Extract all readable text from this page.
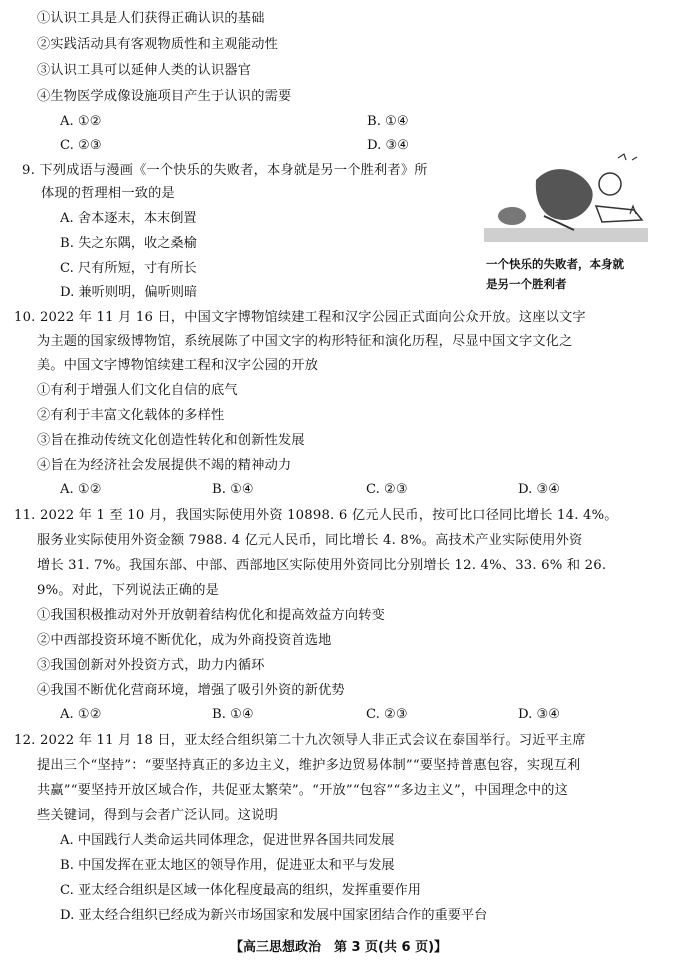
①认识工具是人们获得正确认识的基础
②实践活动具有客观物质性和主观能动性
③认识工具可以延伸人类的认识器官
④生物医学成像设施项目产生于认识的需要
A. ①②	B. ①④
C. ②③	D. ③④
9. 下列成语与漫画《一个快乐的失败者，本身就是另一个胜利者》所
体现的哲理相一致的是
A. 舍本逐末，本末倒置
B. 失之东隅，收之桑榆
C. 尺有所短，寸有所长
D. 兼听则明，偏听则暗
一个快乐的失败者，本身就
是另一个胜利者
10. 2022 年 11 月 16 日，中国文字博物馆续建工程和汉字公园正式面向公众开放。这座以文字
为主题的国家级博物馆，系统展陈了中国文字的构形特征和演化历程，尽显中国文字文化之
美。中国文字博物馆续建工程和汉字公园的开放
①有利于增强人们文化自信的底气
②有利于丰富文化载体的多样性
③旨在推动传统文化创造性转化和创新性发展
④旨在为经济社会发展提供不竭的精神动力
A. ①②	B. ①④	C. ②③	D. ③④
11. 2022 年 1 至 10 月，我国实际使用外资 10898. 6 亿元人民币，按可比口径同比增长 14. 4%。
服务业实际使用外资金额 7988. 4 亿元人民币，同比增长 4. 8%。高技术产业实际使用外资
增长 31. 7%。我国东部、中部、西部地区实际使用外资同比分别增长 12. 4%、33. 6% 和 26.
9%。对此，下列说法正确的是
①我国积极推动对外开放朝着结构优化和提高效益方向转变
②中西部投资环境不断优化，成为外商投资首选地
③我国创新对外投资方式，助力内循环
④我国不断优化营商环境，增强了吸引外资的新优势
A. ①②	B. ①④	C. ②③	D. ③④
12. 2022 年 11 月 18 日，亚太经合组织第二十九次领导人非正式会议在泰国举行。习近平主席
提出三个“坚持”：“要坚持真正的多边主义，维护多边贸易体制”“要坚持普惠包容，实现互利
共赢”“要坚持开放区域合作，共促亚太繁荣”。“开放”“包容”“多边主义”，中国理念中的这
些关键词，得到与会者广泛认同。这说明
A. 中国践行人类命运共同体理念，促进世界各国共同发展
B. 中国发挥在亚太地区的领导作用，促进亚太和平与发展
C. 亚太经合组织是区域一体化程度最高的组织，发挥重要作用
D. 亚太经合组织已经成为新兴市场国家和发展中国家团结合作的重要平台
【高三思想政治　第 3 页(共 6 页)】
